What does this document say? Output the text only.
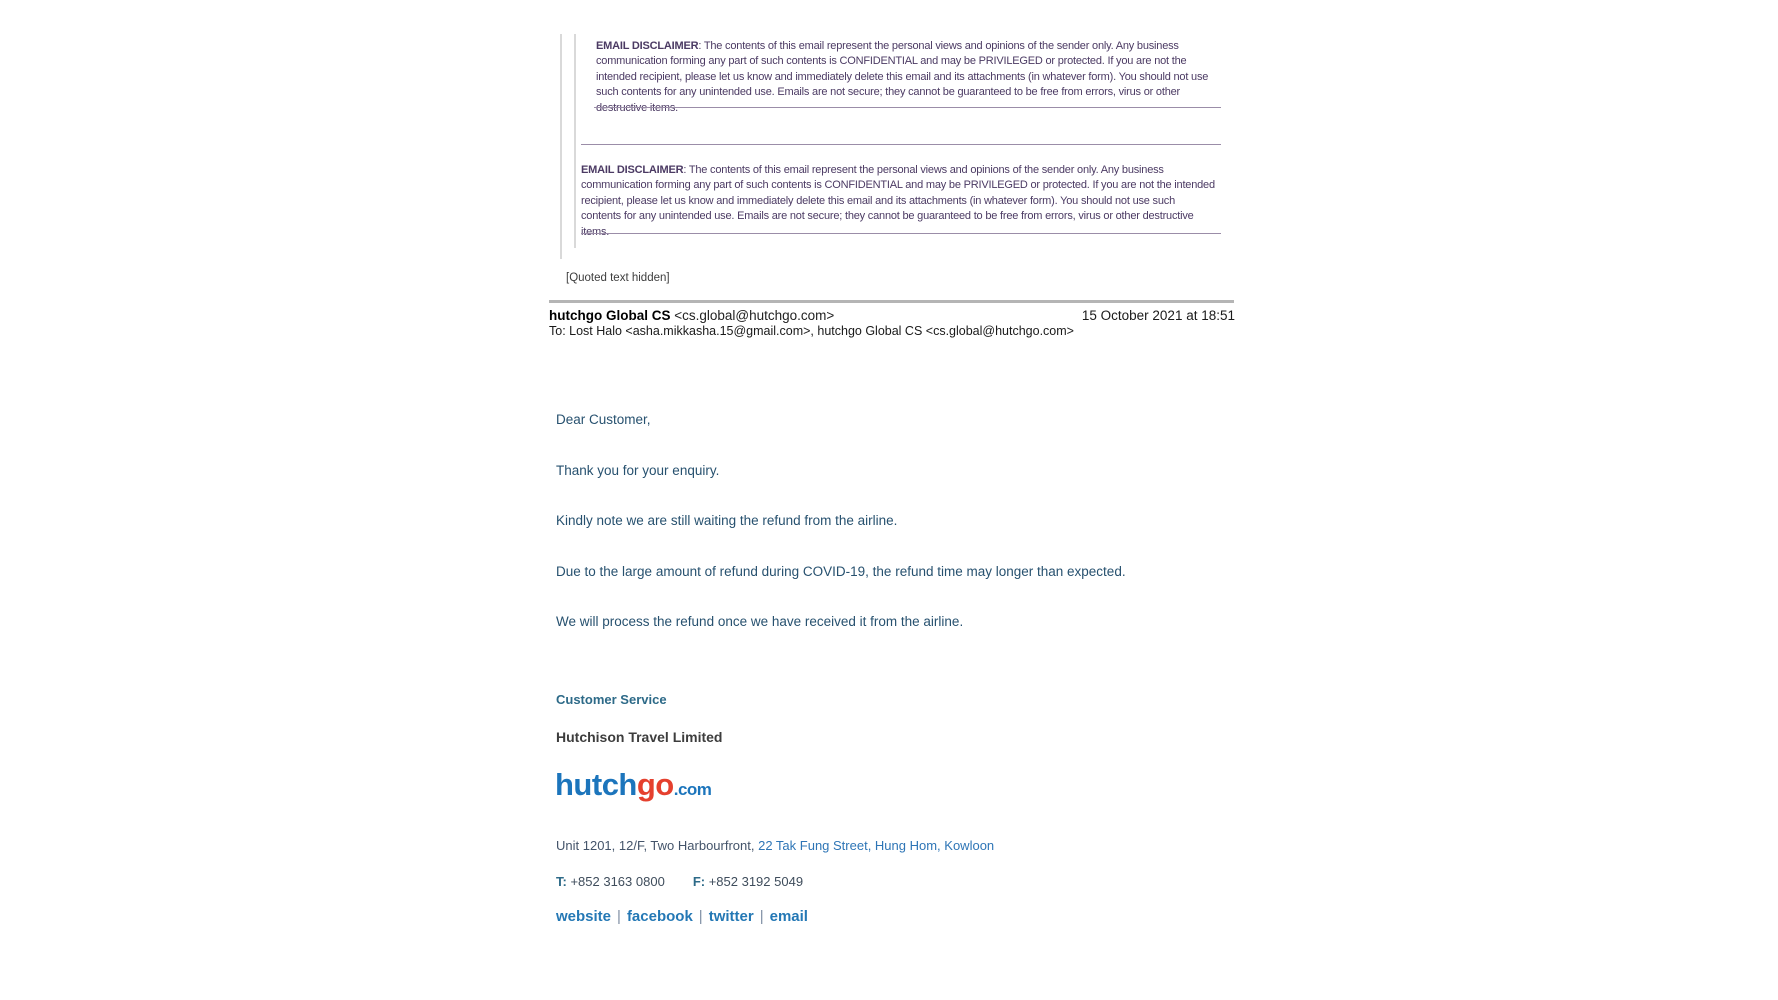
EMAIL DISCLAIMER: The contents of this email represent the personal views and opinions of the sender only. Any business communication forming any part of such contents is CONFIDENTIAL and may be PRIVILEGED or protected. If you are not the intended recipient, please let us know and immediately delete this email and its attachments (in whatever form). You should not use such contents for any unintended use. Emails are not secure; they cannot be guaranteed to be free from errors, virus or other destructive items.
EMAIL DISCLAIMER: The contents of this email represent the personal views and opinions of the sender only. Any business communication forming any part of such contents is CONFIDENTIAL and may be PRIVILEGED or protected. If you are not the intended recipient, please let us know and immediately delete this email and its attachments (in whatever form). You should not use such contents for any unintended use. Emails are not secure; they cannot be guaranteed to be free from errors, virus or other destructive items.
[Quoted text hidden]
hutchgo Global CS <cs.global@hutchgo.com>	15 October 2021 at 18:51
To: Lost Halo <asha.mikkasha.15@gmail.com>, hutchgo Global CS <cs.global@hutchgo.com>
Dear Customer,
Thank you for your enquiry.
Kindly note we are still waiting the refund from the airline.
Due to the large amount of refund during COVID-19, the refund time may longer than expected.
We will process the refund once we have received it from the airline.
Customer Service
Hutchison Travel Limited
hutchgo.com
Unit 1201, 12/F, Two Harbourfront, 22 Tak Fung Street, Hung Hom, Kowloon
T: +852 3163 0800 F: +852 3192 5049
website | facebook | twitter | email
